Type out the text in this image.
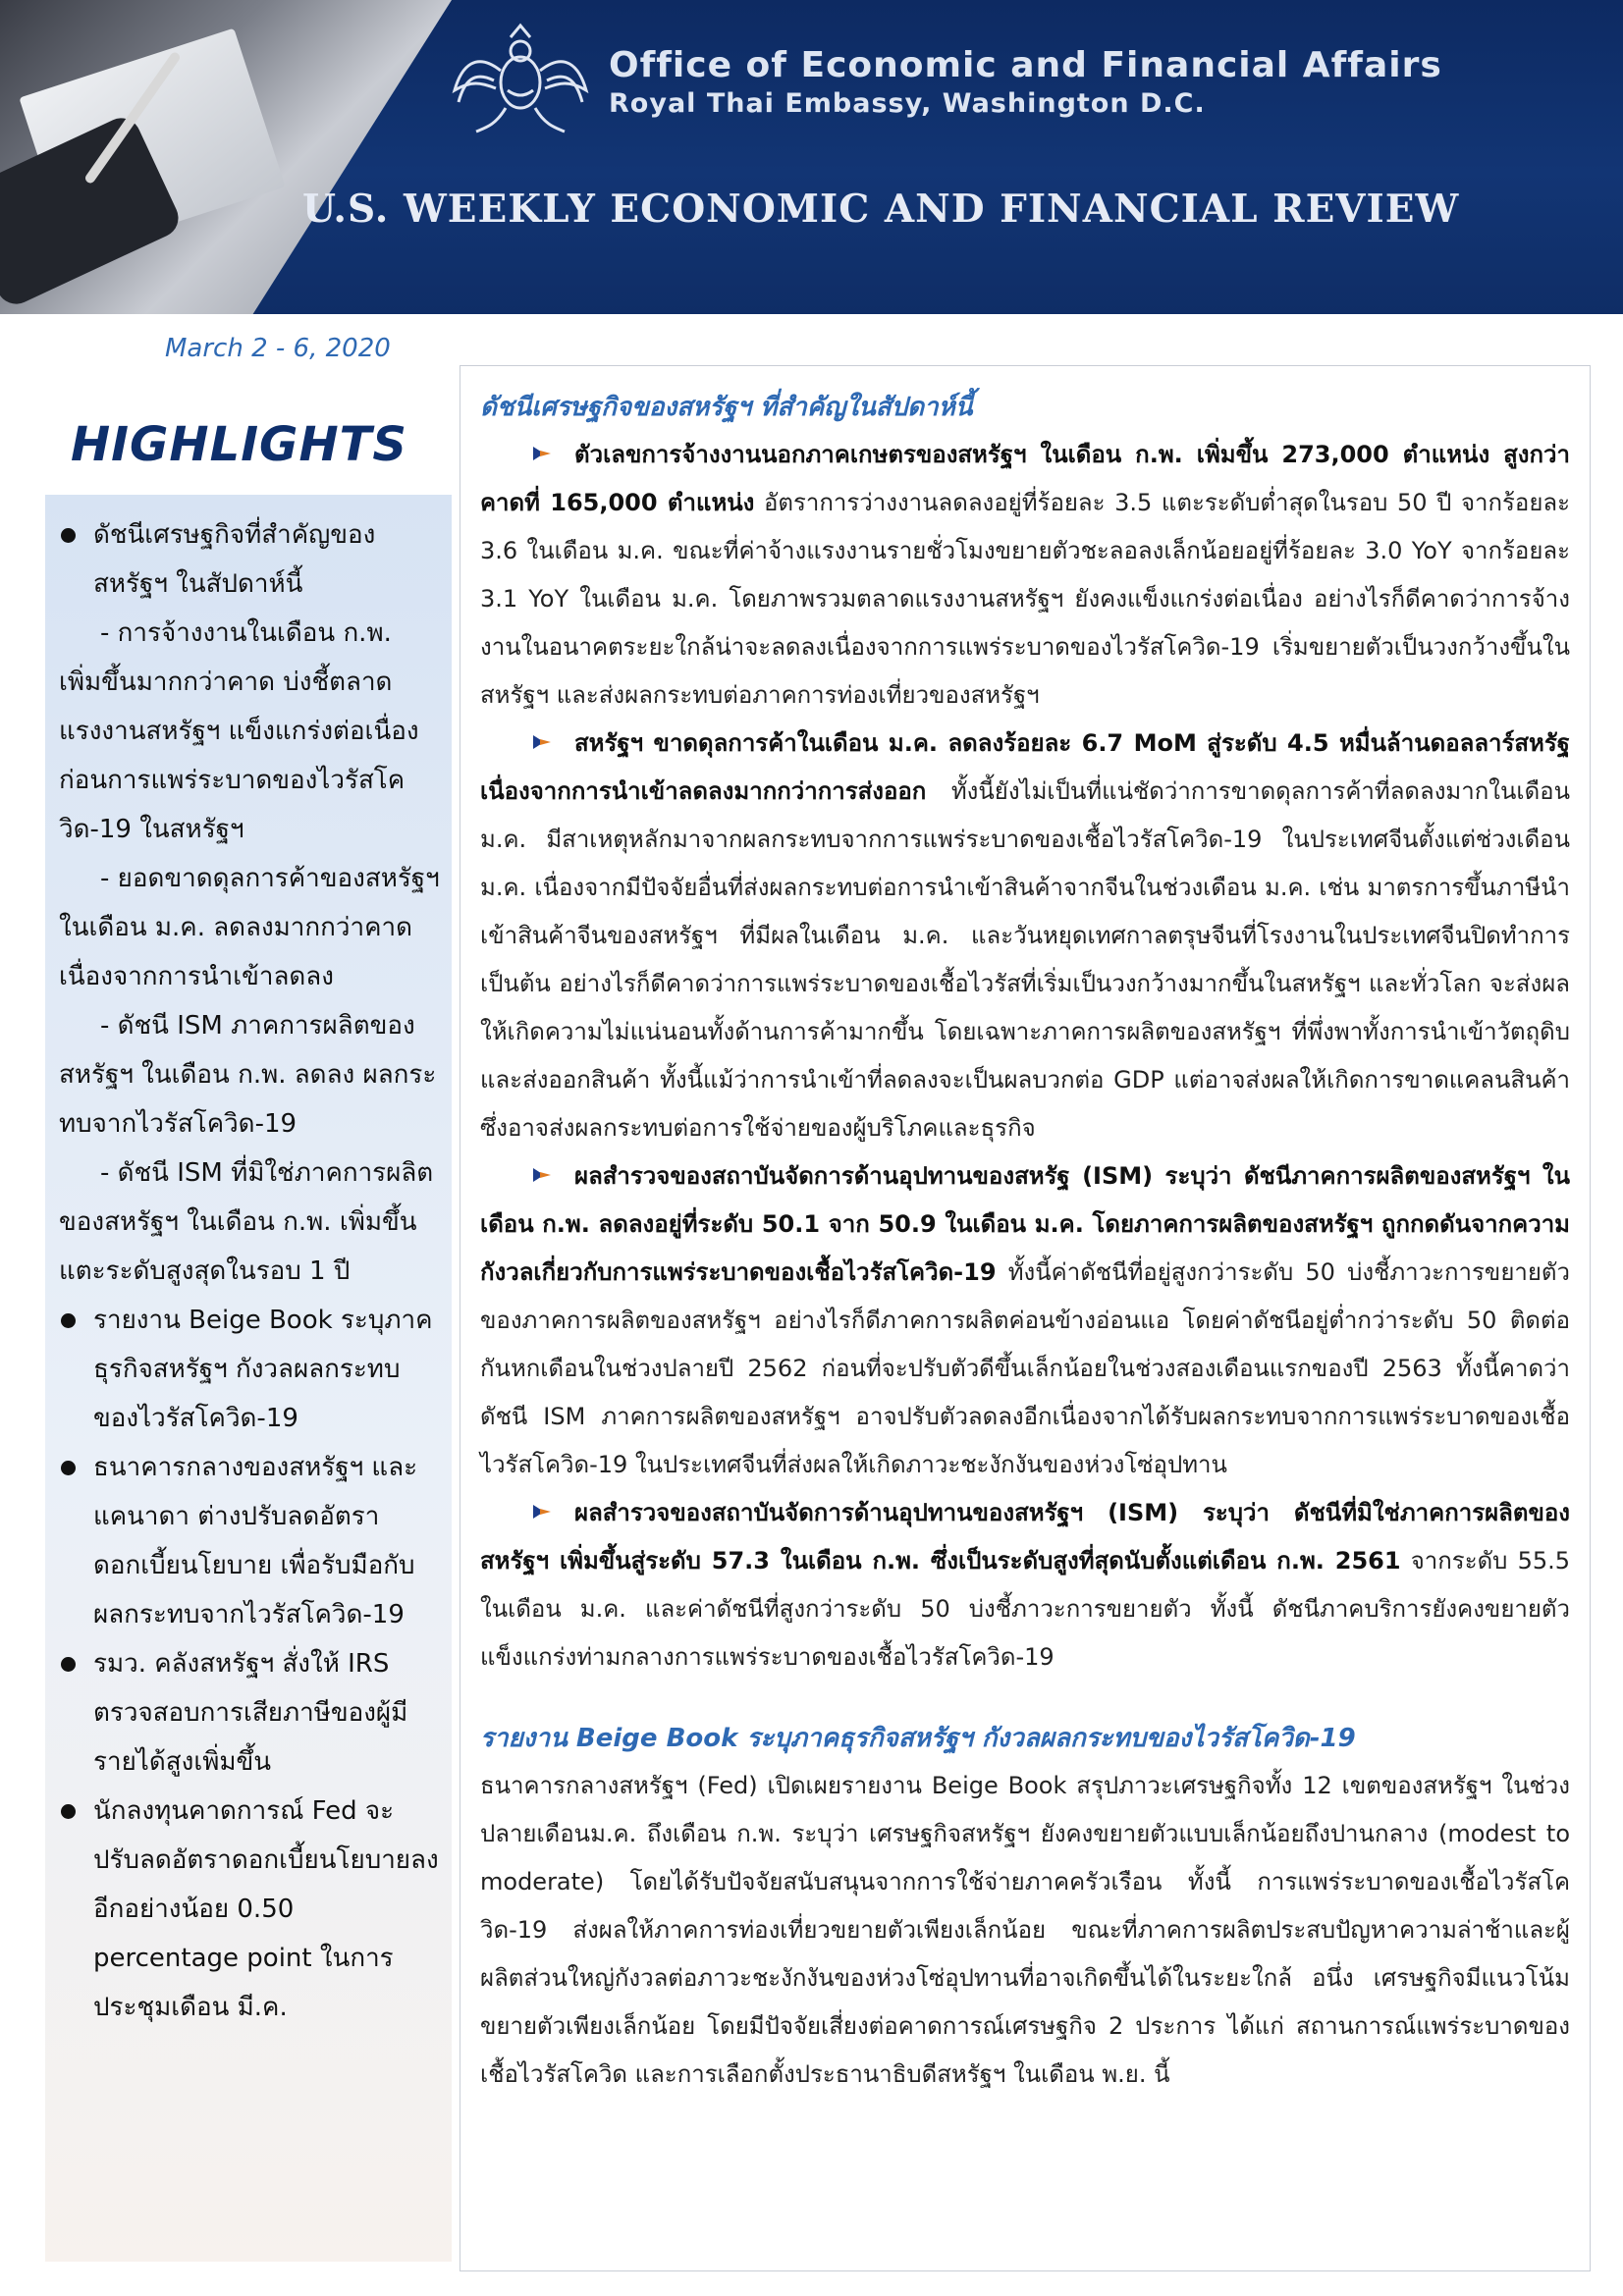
Office of Economic and Financial Affairs
Royal Thai Embassy, Washington D.C.
U.S. WEEKLY ECONOMIC AND FINANCIAL REVIEW
March 2 - 6, 2020
HIGHLIGHTS
ดัชนีเศรษฐกิจที่สำคัญของสหรัฐฯ ในสัปดาห์นี้

- การจ้างงานในเดือน ก.พ. เพิ่มขึ้นมากกว่าคาด บ่งชี้ตลาดแรงงานสหรัฐฯ แข็งแกร่งต่อเนื่องก่อนการแพร่ระบาดของไวรัสโควิด-19 ในสหรัฐฯ

- ยอดขาดดุลการค้าของสหรัฐฯ ในเดือน ม.ค. ลดลงมากกว่าคาด เนื่องจากการนำเข้าลดลง

- ดัชนี ISM ภาคการผลิตของสหรัฐฯ ในเดือน ก.พ. ลดลง ผลกระทบจากไวรัสโควิด-19

- ดัชนี ISM ที่มิใช่ภาคการผลิตของสหรัฐฯ ในเดือน ก.พ. เพิ่มขึ้นแตะระดับสูงสุดในรอบ 1 ปี

รายงาน Beige Book ระบุภาคธุรกิจสหรัฐฯ กังวลผลกระทบของไวรัสโควิด-19
ธนาคารกลางของสหรัฐฯ และแคนาดา ต่างปรับลดอัตราดอกเบี้ยนโยบาย เพื่อรับมือกับผลกระทบจากไวรัสโควิด-19
รมว. คลังสหรัฐฯ สั่งให้ IRS ตรวจสอบการเสียภาษีของผู้มีรายได้สูงเพิ่มขึ้น
นักลงทุนคาดการณ์ Fed จะปรับลดอัตราดอกเบี้ยนโยบายลงอีกอย่างน้อย 0.50 percentage point ในการประชุมเดือน มี.ค.
ดัชนีเศรษฐกิจของสหรัฐฯ ที่สำคัญในสัปดาห์นี้

ตัวเลขการจ้างงานนอกภาคเกษตรของสหรัฐฯ ในเดือน ก.พ. เพิ่มขึ้น 273,000 ตำแหน่ง สูงกว่าคาดที่ 165,000 ตำแหน่ง อัตราการว่างงานลดลงอยู่ที่ร้อยละ 3.5 แตะระดับต่ำสุดในรอบ 50 ปี จากร้อยละ 3.6 ในเดือน ม.ค. ขณะที่ค่าจ้างแรงงานรายชั่วโมงขยายตัวชะลอลงเล็กน้อยอยู่ที่ร้อยละ 3.0 YoY จากร้อยละ 3.1 YoY ในเดือน ม.ค. โดยภาพรวมตลาดแรงงานสหรัฐฯ ยังคงแข็งแกร่งต่อเนื่อง อย่างไรก็ดีคาดว่าการจ้างงานในอนาคตระยะใกล้น่าจะลดลงเนื่องจากการแพร่ระบาดของไวรัสโควิด-19 เริ่มขยายตัวเป็นวงกว้างขึ้นในสหรัฐฯ และส่งผลกระทบต่อภาคการท่องเที่ยวของสหรัฐฯ

สหรัฐฯ ขาดดุลการค้าในเดือน ม.ค. ลดลงร้อยละ 6.7 MoM สู่ระดับ 4.5 หมื่นล้านดอลลาร์สหรัฐ เนื่องจากการนำเข้าลดลงมากกว่าการส่งออก ทั้งนี้ยังไม่เป็นที่แน่ชัดว่าการขาดดุลการค้าที่ลดลงมากในเดือน ม.ค. มีสาเหตุหลักมาจากผลกระทบจากการแพร่ระบาดของเชื้อไวรัสโควิด-19 ในประเทศจีนตั้งแต่ช่วงเดือน ม.ค. เนื่องจากมีปัจจัยอื่นที่ส่งผลกระทบต่อการนำเข้าสินค้าจากจีนในช่วงเดือน ม.ค. เช่น มาตรการขึ้นภาษีนำเข้าสินค้าจีนของสหรัฐฯ ที่มีผลในเดือน ม.ค. และวันหยุดเทศกาลตรุษจีนที่โรงงานในประเทศจีนปิดทำการ เป็นต้น อย่างไรก็ดีคาดว่าการแพร่ระบาดของเชื้อไวรัสที่เริ่มเป็นวงกว้างมากขึ้นในสหรัฐฯ และทั่วโลก จะส่งผลให้เกิดความไม่แน่นอนทั้งด้านการค้ามากขึ้น โดยเฉพาะภาคการผลิตของสหรัฐฯ ที่พึ่งพาทั้งการนำเข้าวัตถุดิบและส่งออกสินค้า ทั้งนี้แม้ว่าการนำเข้าที่ลดลงจะเป็นผลบวกต่อ GDP แต่อาจส่งผลให้เกิดการขาดแคลนสินค้าซึ่งอาจส่งผลกระทบต่อการใช้จ่ายของผู้บริโภคและธุรกิจ

ผลสำรวจของสถาบันจัดการด้านอุปทานของสหรัฐ (ISM) ระบุว่า ดัชนีภาคการผลิตของสหรัฐฯ ในเดือน ก.พ. ลดลงอยู่ที่ระดับ 50.1 จาก 50.9 ในเดือน ม.ค. โดยภาคการผลิตของสหรัฐฯ ถูกกดดันจากความกังวลเกี่ยวกับการแพร่ระบาดของเชื้อไวรัสโควิด-19 ทั้งนี้ค่าดัชนีที่อยู่สูงกว่าระดับ 50 บ่งชี้ภาวะการขยายตัวของภาคการผลิตของสหรัฐฯ อย่างไรก็ดีภาคการผลิตค่อนข้างอ่อนแอ โดยค่าดัชนีอยู่ต่ำกว่าระดับ 50 ติดต่อกันหกเดือนในช่วงปลายปี 2562 ก่อนที่จะปรับตัวดีขึ้นเล็กน้อยในช่วงสองเดือนแรกของปี 2563 ทั้งนี้คาดว่าดัชนี ISM ภาคการผลิตของสหรัฐฯ อาจปรับตัวลดลงอีกเนื่องจากได้รับผลกระทบจากการแพร่ระบาดของเชื้อไวรัสโควิด-19 ในประเทศจีนที่ส่งผลให้เกิดภาวะชะงักงันของห่วงโซ่อุปทาน

ผลสำรวจของสถาบันจัดการด้านอุปทานของสหรัฐฯ (ISM) ระบุว่า ดัชนีที่มิใช่ภาคการผลิตของสหรัฐฯ เพิ่มขึ้นสู่ระดับ 57.3 ในเดือน ก.พ. ซึ่งเป็นระดับสูงที่สุดนับตั้งแต่เดือน ก.พ. 2561 จากระดับ 55.5 ในเดือน ม.ค. และค่าดัชนีที่สูงกว่าระดับ 50 บ่งชี้ภาวะการขยายตัว ทั้งนี้ ดัชนีภาคบริการยังคงขยายตัวแข็งแกร่งท่ามกลางการแพร่ระบาดของเชื้อไวรัสโควิด-19

รายงาน Beige Book ระบุภาคธุรกิจสหรัฐฯ กังวลผลกระทบของไวรัสโควิด-19

ธนาคารกลางสหรัฐฯ (Fed) เปิดเผยรายงาน Beige Book สรุปภาวะเศรษฐกิจทั้ง 12 เขตของสหรัฐฯ ในช่วงปลายเดือนม.ค. ถึงเดือน ก.พ. ระบุว่า เศรษฐกิจสหรัฐฯ ยังคงขยายตัวแบบเล็กน้อยถึงปานกลาง (modest to moderate) โดยได้รับปัจจัยสนับสนุนจากการใช้จ่ายภาคครัวเรือน ทั้งนี้ การแพร่ระบาดของเชื้อไวรัสโควิด-19 ส่งผลให้ภาคการท่องเที่ยวขยายตัวเพียงเล็กน้อย ขณะที่ภาคการผลิตประสบปัญหาความล่าช้าและผู้ผลิตส่วนใหญ่กังวลต่อภาวะชะงักงันของห่วงโซ่อุปทานที่อาจเกิดขึ้นได้ในระยะใกล้ อนึ่ง เศรษฐกิจมีแนวโน้มขยายตัวเพียงเล็กน้อย โดยมีปัจจัยเสี่ยงต่อคาดการณ์เศรษฐกิจ 2 ประการ ได้แก่ สถานการณ์แพร่ระบาดของเชื้อไวรัสโควิด และการเลือกตั้งประธานาธิบดีสหรัฐฯ ในเดือน พ.ย. นี้
